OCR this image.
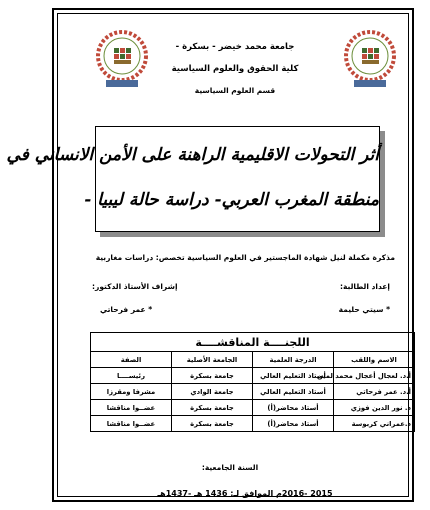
جامعة محمد خيضر - بسكرة -
كلية الحقوق والعلوم السياسية
قسم العلوم السياسية
أثر التحولات الاقليمية الراهنة على الأمن الانساني في
منطقة المغرب العربي- دراسة حالة ليبيا -
مذكرة مكملة لنيل شهادة الماجستير في العلوم السياسية تخصص: دراسات مغاربية
إعداد الطالبة:
إشراف الأستاذ الدكتور:
* سيتي حليمة
* عمر فرحاتي
اللجنــــة المناقشــــة			
الاسم واللقب	الدرجة العلمية	الجامعة الأصلية	الصفة
أ.د. لعجال أعجال محمد لمين	أستاذ التعليم العالي	جامعة بسكرة	رئيســــا
أ.د. عمر فرحاتي	أستاذ التعليم العالي	جامعة الوادي	مشرفا ومقرزا
د. نور الدين فوزي	أستاذ محاضر(أ)	جامعة بسكرة	عضــوا مناقشا
د.عمراني كربوسة	أستاذ محاضر(أ)	جامعة بسكرة	عضــوا مناقشا
السنة الجامعية:
2015 -2016م الموافق لـ: 1436 هـ -1437هـ
